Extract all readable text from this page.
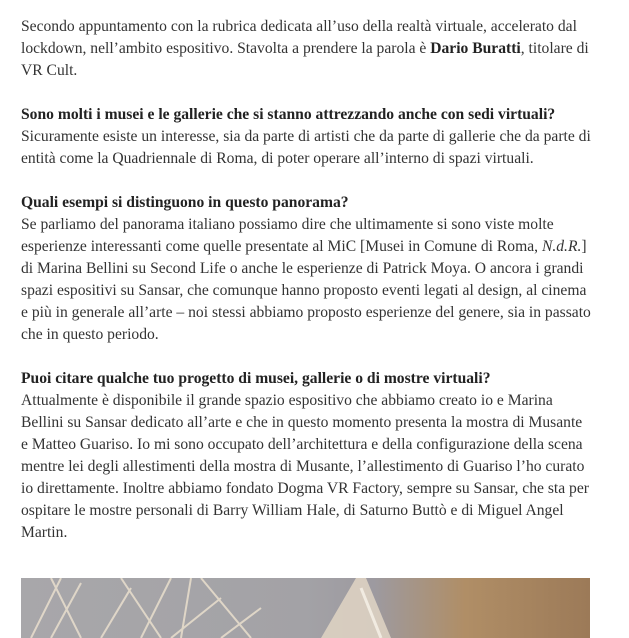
Secondo appuntamento con la rubrica dedicata all’uso della realtà virtuale, accelerato dal lockdown, nell’ambito espositivo. Stavolta a prendere la parola è Dario Buratti, titolare di VR Cult.

Sono molti i musei e le gallerie che si stanno attrezzando anche con sedi virtuali?
Sicuramente esiste un interesse, sia da parte di artisti che da parte di gallerie che da parte di entità come la Quadriennale di Roma, di poter operare all’interno di spazi virtuali.

Quali esempi si distinguono in questo panorama?
Se parliamo del panorama italiano possiamo dire che ultimamente si sono viste molte esperienze interessanti come quelle presentate al MiC [Musei in Comune di Roma, N.d.R.] di Marina Bellini su Second Life o anche le esperienze di Patrick Moya. O ancora i grandi spazi espositivi su Sansar, che comunque hanno proposto eventi legati al design, al cinema e più in generale all’arte – noi stessi abbiamo proposto esperienze del genere, sia in passato che in questo periodo.

Puoi citare qualche tuo progetto di musei, gallerie o di mostre virtuali?
Attualmente è disponibile il grande spazio espositivo che abbiamo creato io e Marina Bellini su Sansar dedicato all’arte e che in questo momento presenta la mostra di Musante e Matteo Guariso. Io mi sono occupato dell’architettura e della configurazione della scena mentre lei degli allestimenti della mostra di Musante, l’allestimento di Guariso l’ho curato io direttamente. Inoltre abbiamo fondato Dogma VR Factory, sempre su Sansar, che sta per ospitare le mostre personali di Barry William Hale, di Saturno Buttò e di Miguel Angel Martin.
